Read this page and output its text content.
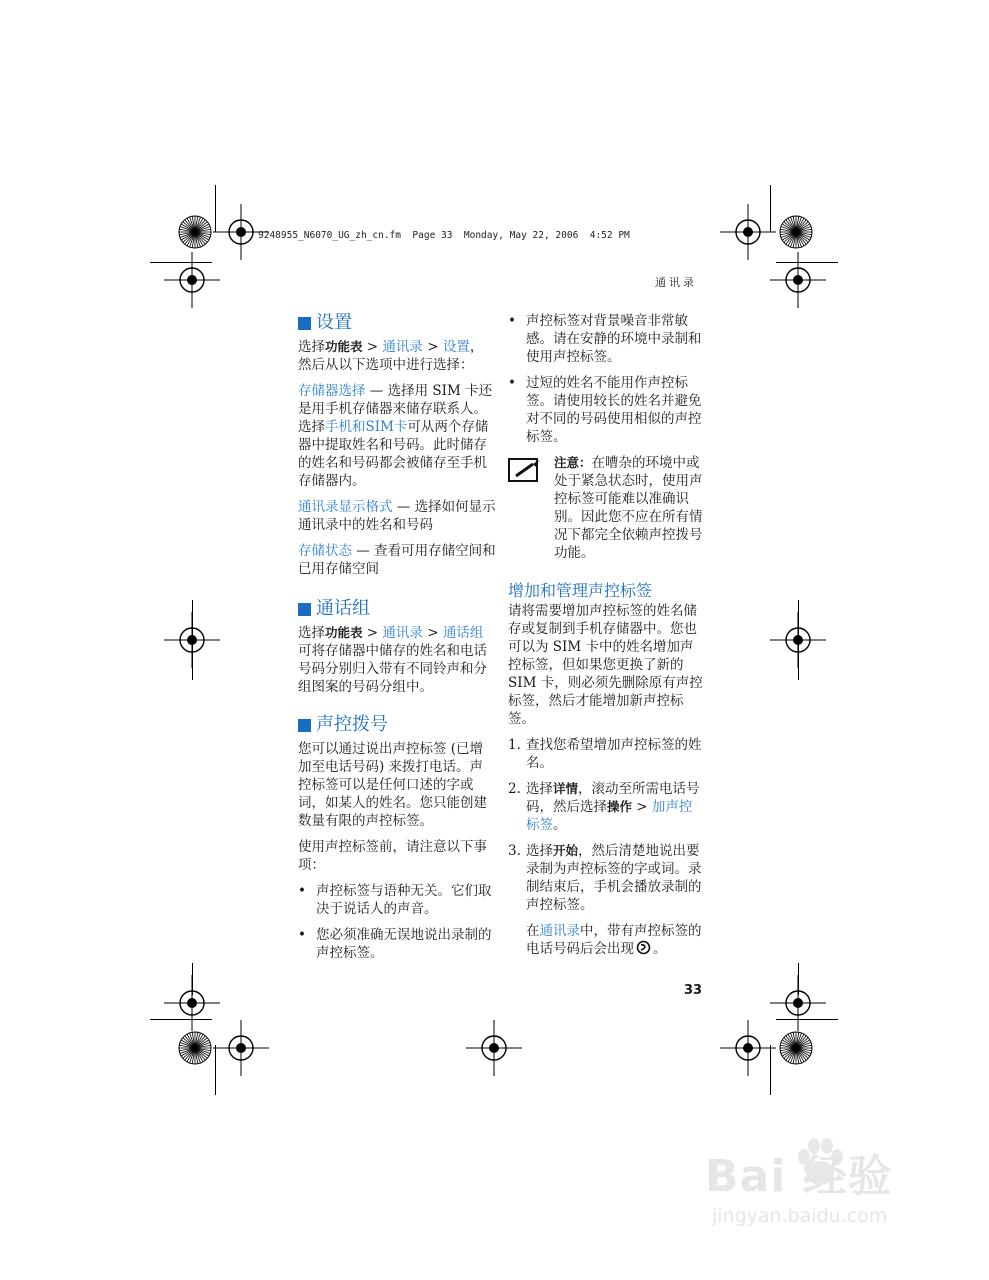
9248955_N6070_UG_zh_cn.fm  Page 33  Monday, May 22, 2006  4:52 PM
通讯录
设置

选择功能表 > 通讯录 > 设置，然后从以下选项中进行选择：

存储器选择 — 选择用 SIM 卡还是用手机存储器来储存联系人。选择手机和SIM卡可从两个存储器中提取姓名和号码。此时储存的姓名和号码都会被储存至手机存储器内。

通讯录显示格式 — 选择如何显示通讯录中的姓名和号码

存储状态 — 查看可用存储空间和已用存储空间

通话组

选择功能表 > 通讯录 > 通话组可将存储器中储存的姓名和电话号码分别归入带有不同铃声和分组图案的号码分组中。

声控拨号

您可以通过说出声控标签 (已增加至电话号码) 来拨打电话。声控标签可以是任何口述的字或词，如某人的姓名。您只能创建数量有限的声控标签。

使用声控标签前，请注意以下事项：

• 声控标签与语种无关。它们取决于说话人的声音。
• 您必须准确无误地说出录制的声控标签。
• 声控标签对背景噪音非常敏感。请在安静的环境中录制和使用声控标签。
• 过短的姓名不能用作声控标签。请使用较长的姓名并避免对不同的号码使用相似的声控标签。

注意：在嘈杂的环境中或处于紧急状态时，使用声控标签可能难以准确识别。因此您不应在所有情况下都完全依赖声控拨号功能。

增加和管理声控标签

请将需要增加声控标签的姓名储存或复制到手机存储器中。您也可以为 SIM 卡中的姓名增加声控标签，但如果您更换了新的 SIM 卡，则必须先删除原有声控标签，然后才能增加新声控标签。

1. 查找您希望增加声控标签的姓名。
2. 选择详情，滚动至所需电话号码，然后选择操作 > 加声控标签。
3. 选择开始，然后清楚地说出要录制为声控标签的字或词。录制结束后，手机会播放录制的声控标签。

在通讯录中，带有声控标签的电话号码后会出现 。

33
Bai 经验
jingyan.baidu.com
